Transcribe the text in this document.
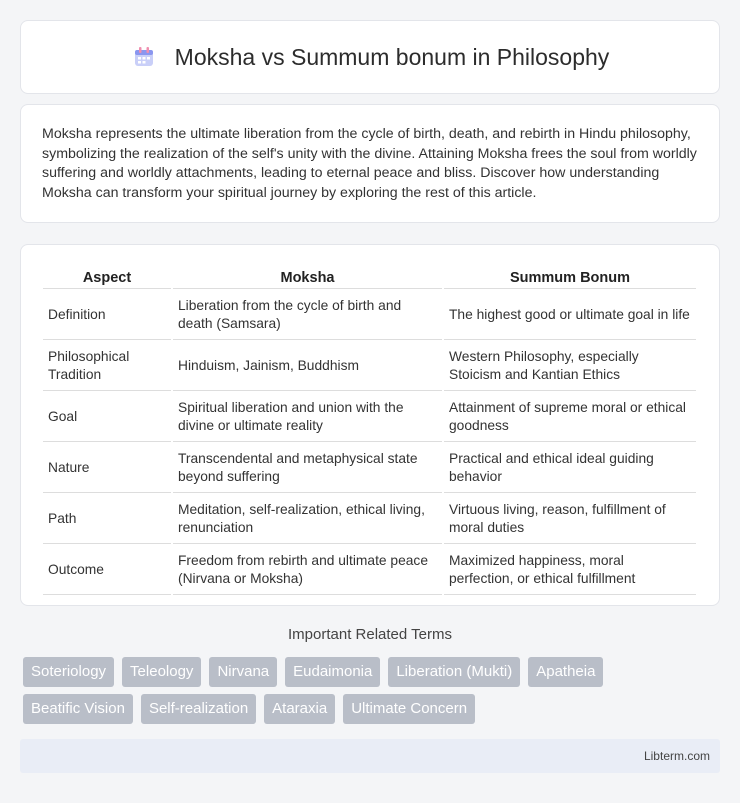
Moksha vs Summum bonum in Philosophy

Moksha represents the ultimate liberation from the cycle of birth, death, and rebirth in Hindu philosophy, symbolizing the realization of the self's unity with the divine. Attaining Moksha frees the soul from worldly suffering and worldly attachments, leading to eternal peace and bliss. Discover how understanding Moksha can transform your spiritual journey by exploring the rest of this article.

Aspect	Moksha	Summum Bonum
Definition	Liberation from the cycle of birth and death (Samsara)	The highest good or ultimate goal in life
Philosophical Tradition	Hinduism, Jainism, Buddhism	Western Philosophy, especially Stoicism and Kantian Ethics
Goal	Spiritual liberation and union with the divine or ultimate reality	Attainment of supreme moral or ethical goodness
Nature	Transcendental and metaphysical state beyond suffering	Practical and ethical ideal guiding behavior
Path	Meditation, self-realization, ethical living, renunciation	Virtuous living, reason, fulfillment of moral duties
Outcome	Freedom from rebirth and ultimate peace (Nirvana or Moksha)	Maximized happiness, moral perfection, or ethical fulfillment
Important Related Terms
Soteriology	Teleology	Nirvana	Eudaimonia	Liberation (Mukti)	Apatheia
Beatific Vision	Self-realization	Ataraxia	Ultimate Concern
Libterm.com
